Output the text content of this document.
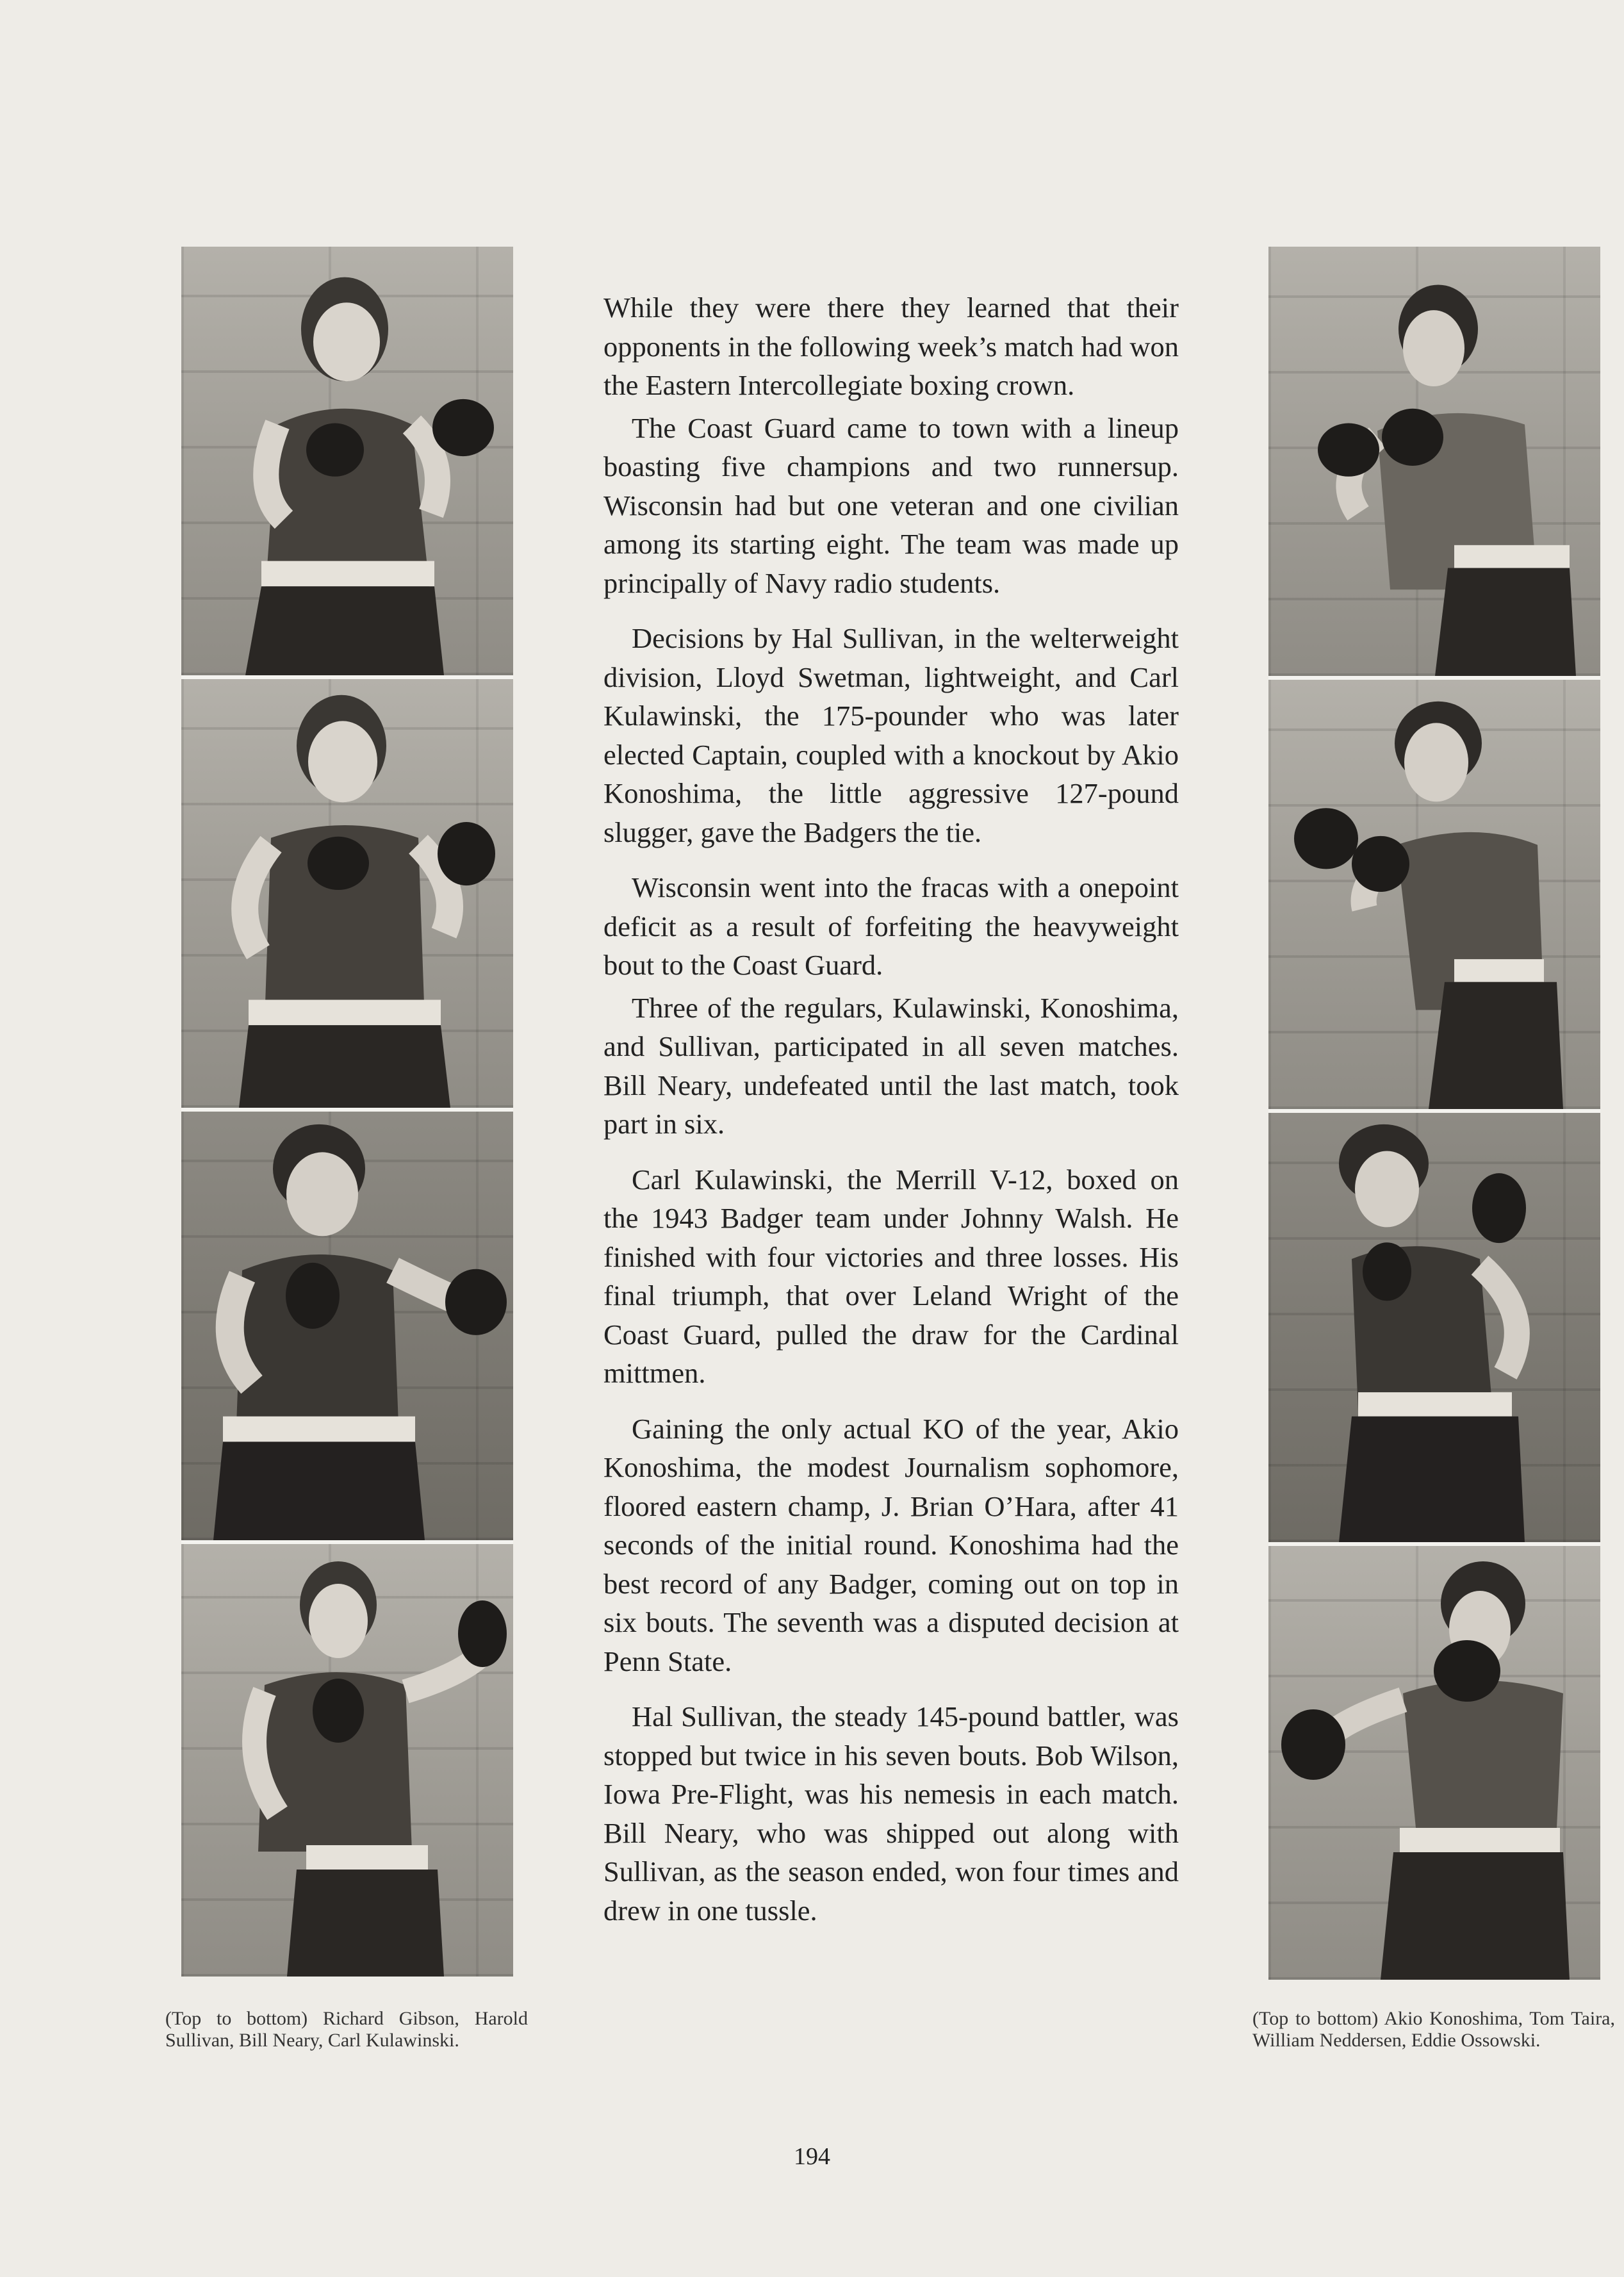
While they were there they learned that their opponents in the following week’s match had won the Eastern Intercollegiate boxing crown.

The Coast Guard came to town with a lineup boasting five champions and two runnersup. Wisconsin had but one veteran and one civilian among its starting eight. The team was made up principally of Navy radio students.

Decisions by Hal Sullivan, in the welterweight division, Lloyd Swetman, lightweight, and Carl Kulawinski, the 175-pounder who was later elected Captain, coupled with a knockout by Akio Konoshima, the little aggressive 127-pound slugger, gave the Badgers the tie.

Wisconsin went into the fracas with a onepoint deficit as a result of forfeiting the heavyweight bout to the Coast Guard.

Three of the regulars, Kulawinski, Konoshima, and Sullivan, participated in all seven matches. Bill Neary, undefeated until the last match, took part in six.

Carl Kulawinski, the Merrill V-12, boxed on the 1943 Badger team under Johnny Walsh. He finished with four victories and three losses. His final triumph, that over Leland Wright of the Coast Guard, pulled the draw for the Cardinal mittmen.

Gaining the only actual KO of the year, Akio Konoshima, the modest Journalism sophomore, floored eastern champ, J. Brian O’Hara, after 41 seconds of the initial round. Konoshima had the best record of any Badger, coming out on top in six bouts. The seventh was a disputed decision at Penn State.

Hal Sullivan, the steady 145-pound battler, was stopped but twice in his seven bouts. Bob Wilson, Iowa Pre-Flight, was his nemesis in each match. Bill Neary, who was shipped out along with Sullivan, as the season ended, won four times and drew in one tussle.

(Top to bottom) Richard Gibson, Harold Sullivan, Bill Neary, Carl Kulawinski.
(Top to bottom) Akio Konoshima, Tom Taira, William Neddersen, Eddie Ossowski.
194
